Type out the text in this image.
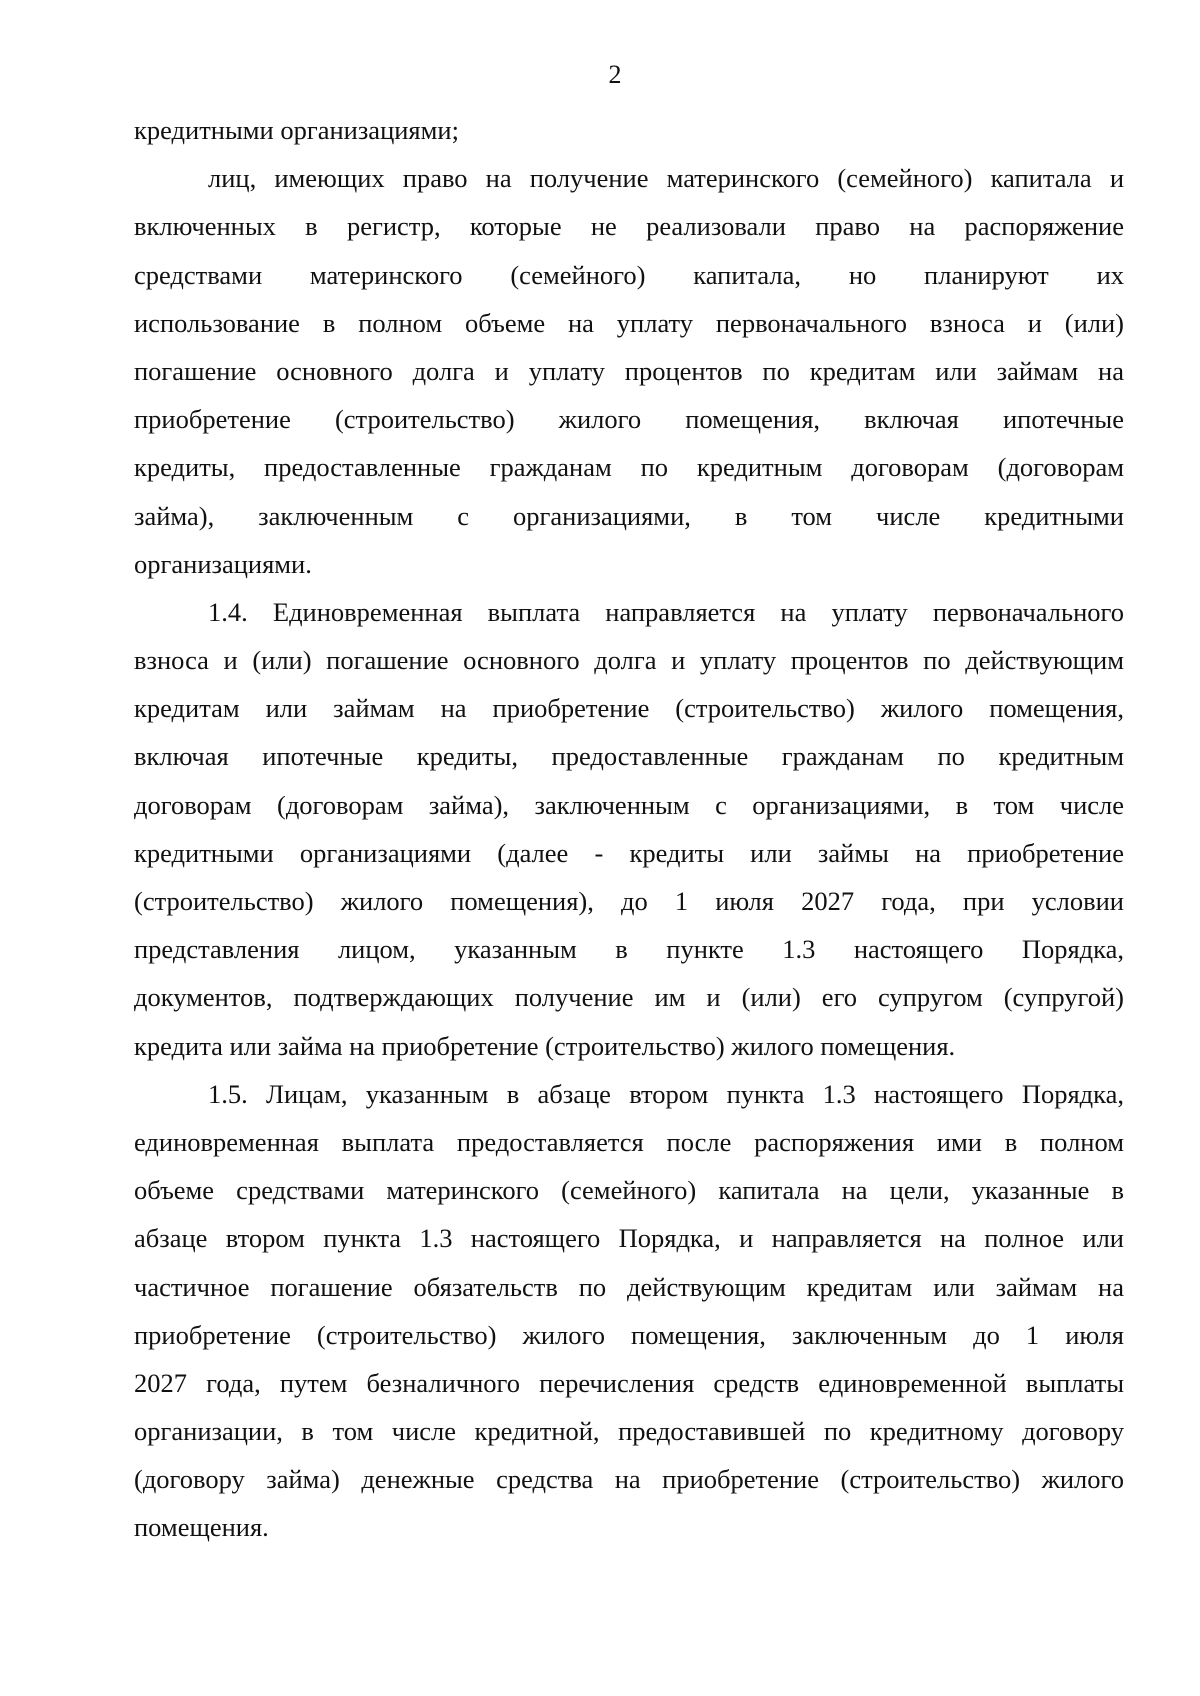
2
кредитными организациями;
лиц, имеющих право на получение материнского (семейного) капитала и
включенных в регистр, которые не реализовали право на распоряжение
средствами материнского (семейного) капитала, но планируют их
использование в полном объеме на уплату первоначального взноса и (или)
погашение основного долга и уплату процентов по кредитам или займам на
приобретение (строительство) жилого помещения, включая ипотечные
кредиты, предоставленные гражданам по кредитным договорам (договорам
займа), заключенным с организациями, в том числе кредитными
организациями.
1.4. Единовременная выплата направляется на уплату первоначального
взноса и (или) погашение основного долга и уплату процентов по действующим
кредитам или займам на приобретение (строительство) жилого помещения,
включая ипотечные кредиты, предоставленные гражданам по кредитным
договорам (договорам займа), заключенным с организациями, в том числе
кредитными организациями (далее - кредиты или займы на приобретение
(строительство) жилого помещения), до 1 июля 2027 года, при условии
представления лицом, указанным в пункте 1.3 настоящего Порядка,
документов, подтверждающих получение им и (или) его супругом (супругой)
кредита или займа на приобретение (строительство) жилого помещения.
1.5. Лицам, указанным в абзаце втором пункта 1.3 настоящего Порядка,
единовременная выплата предоставляется после распоряжения ими в полном
объеме средствами материнского (семейного) капитала на цели, указанные в
абзаце втором пункта 1.3 настоящего Порядка, и направляется на полное или
частичное погашение обязательств по действующим кредитам или займам на
приобретение (строительство) жилого помещения, заключенным до 1 июля
2027 года, путем безналичного перечисления средств единовременной выплаты
организации, в том числе кредитной, предоставившей по кредитному договору
(договору займа) денежные средства на приобретение (строительство) жилого
помещения.
